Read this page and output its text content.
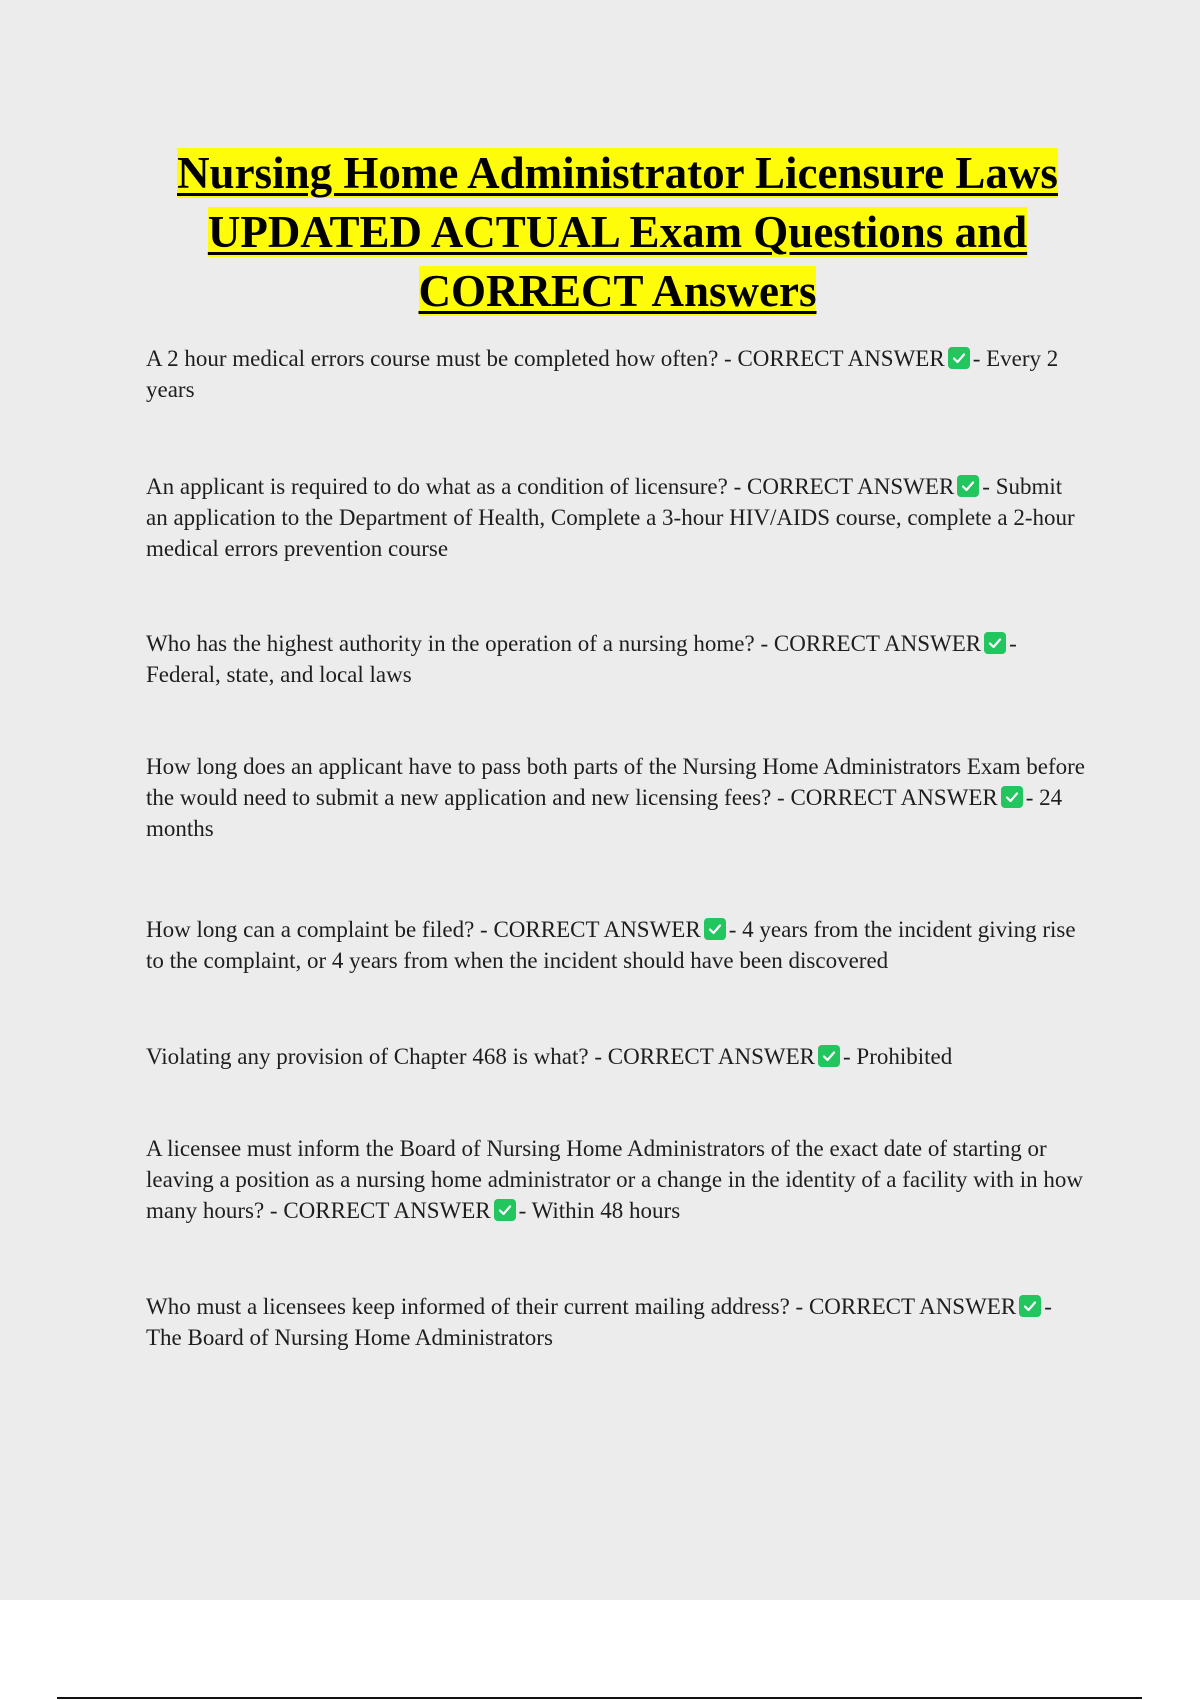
Nursing Home Administrator Licensure Laws UPDATED ACTUAL Exam Questions and CORRECT Answers

A 2 hour medical errors course must be completed how often? - CORRECT ANSWER - Every 2 years

An applicant is required to do what as a condition of licensure? - CORRECT ANSWER - Submit an application to the Department of Health, Complete a 3-hour HIV/AIDS course, complete a 2-hour medical errors prevention course

Who has the highest authority in the operation of a nursing home? - CORRECT ANSWER - Federal, state, and local laws

How long does an applicant have to pass both parts of the Nursing Home Administrators Exam before the would need to submit a new application and new licensing fees? - CORRECT ANSWER - 24 months

How long can a complaint be filed? - CORRECT ANSWER - 4 years from the incident giving rise to the complaint, or 4 years from when the incident should have been discovered

Violating any provision of Chapter 468 is what? - CORRECT ANSWER - Prohibited

A licensee must inform the Board of Nursing Home Administrators of the exact date of starting or leaving a position as a nursing home administrator or a change in the identity of a facility with in how many hours? - CORRECT ANSWER - Within 48 hours

Who must a licensees keep informed of their current mailing address? - CORRECT ANSWER - The Board of Nursing Home Administrators
